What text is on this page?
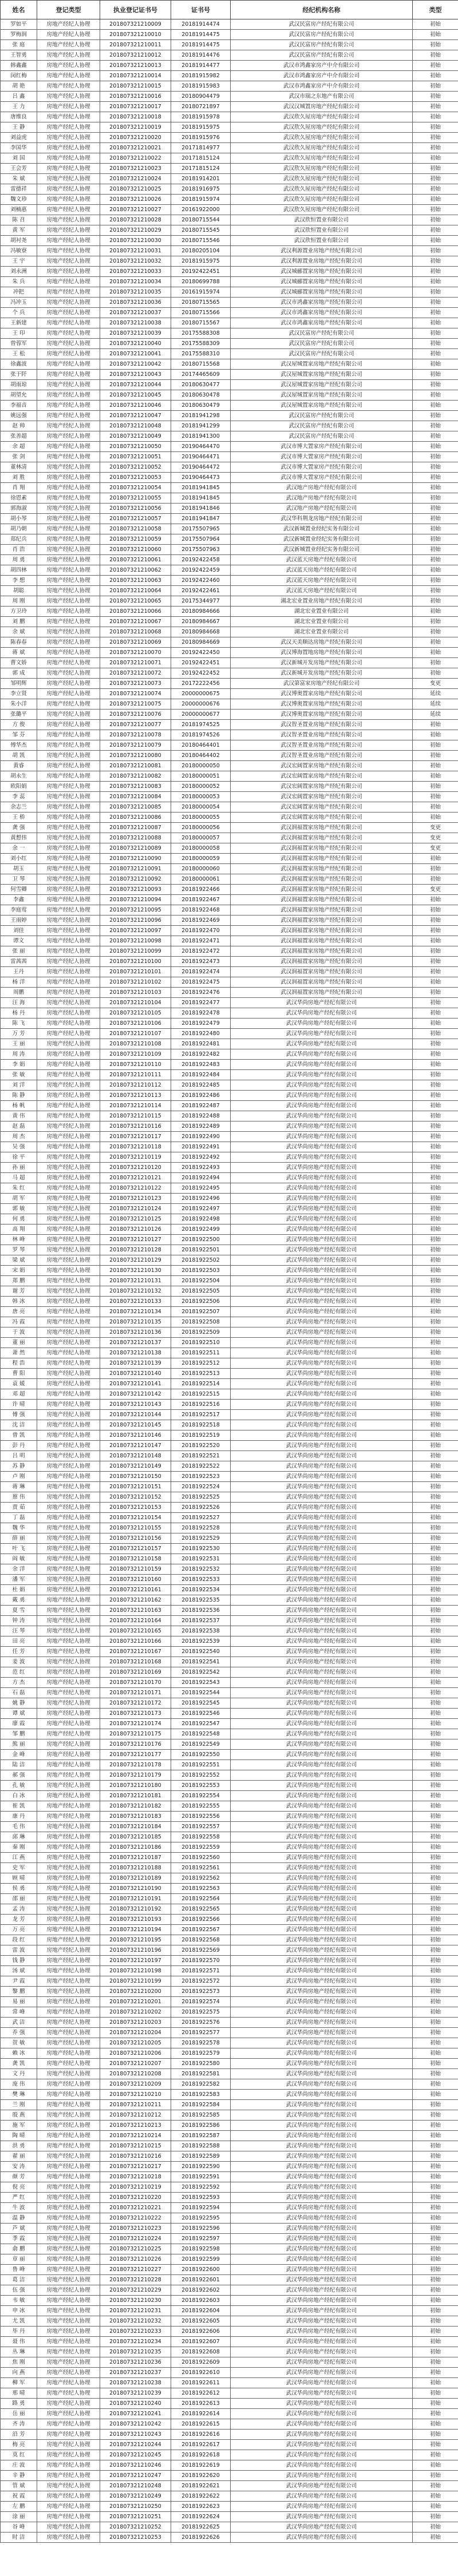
姓名	登记类型	执业登记证书号	证书号	经纪机构名称	类型
罗如平	房地产经纪人协理	201807321210009	20181914474	武汉民富房产经纪有限公司	初始
罗梅润	房地产经纪人协理	201807321210010	20181914475	武汉民富房产经纪有限公司	初始
张 庭	房地产经纪人协理	201807321210011	20181914475	武汉民富房产经纪有限公司	初始
王智勇	房地产经纪人协理	201807321210012	20181914476	武汉民富房产经纪有限公司	初始
韩鑫鑫	房地产经纪人协理	201807321210013	20181914477	武汉市鸿鑫家房产中介有限公司	初始
闵红梅	房地产经纪人协理	201807321210014	20181915982	武汉市鸿鑫家房产中介有限公司	初始
胡 艳	房地产经纪人协理	201807321210015	20181915983	武汉市鸿鑫家房产中介有限公司	初始
吕 鑫	房地产经纪人协理	201807321210016	20180904479	武汉市瑞之东地产有限公司	初始
王 力	房地产经纪人协理	201807321210017	20180721897	武汉汉城置房地产经纪有限公司	初始
唐维良	房地产经纪人协理	201807321210018	20181915978	武汉欣久屋房地产经纪有限公司	初始
王 静	房地产经纪人协理	201807321210019	20181915975	武汉欣久屋房地产经纪有限公司	初始
刘益虎	房地产经纪人协理	201807321210020	20181915976	武汉欣久屋房地产经纪有限公司	初始
李国华	房地产经纪人协理	201807321210021	20171814977	武汉欣久屋房地产经纪有限公司	初始
刘 国	房地产经纪人协理	201807321210022	20171815124	武汉欣久屋房地产经纪有限公司	初始
王会芳	房地产经纪人协理	201807321210023	20171815124	武汉欣久屋房地产经纪有限公司	初始
朱 斌	房地产经纪人协理	201807321210024	20181914201	武汉欣久屋房地产经纪有限公司	初始
雷德祥	房地产经纪人协理	201807321210025	20181916975	武汉欣久屋房地产经纪有限公司	初始
魏文珍	房地产经纪人协理	201807321210026	20181915974	武汉欣久屋房地产经纪有限公司	初始
刘楠惠	房地产经纪人协理	201807321210027	20161922000	武汉欣久屋房地产经纪有限公司	初始
陈 召	房地产经纪人协理	201807321210028	20180715544	武汉欣恒置业有限公司	初始
黄 军	房地产经纪人协理	201807321210029	20180715545	武汉欣恒置业有限公司	初始
胡衬尧	房地产经纪人协理	201807321210030	20180715546	武汉欣恒置业有限公司	初始
冯敏寮	房地产经纪人协理	201807321210031	20180205104	武汉利源置业房地产经纪有限公司	初始
王 宇	房地产经纪人协理	201807321210032	20181915975	武汉利源置业房地产经纪有限公司	初始
刘永洲	房地产经纪人协理	201807321210033	20192422451	武汉城郦置家房地产经纪有限公司	初始
朱 兵	房地产经纪人协理	201807321210034	20180699788	武汉城郦置家房地产经纪有限公司	初始
冲把	房地产经纪人协理	201807321210035	20161915974	武汉城郦置家房地产经纪有限公司	初始
冯冲玉	房地产经纪人协理	201807321210036	20180715565	武汉市鸿鑫家房地产经纪有限公司	初始
个 兵	房地产经纪人协理	201807321210037	20180715566	武汉市鸿鑫家房地产经纪有限公司	初始
王新建	房地产经纪人协理	201807321210038	20180715567	武汉市鸿鑫家房地产经纪有限公司	初始
王 印	房地产经纪人协理	201807321210039	20175588308	武汉民富房产经纪有限公司	初始
曾蓉军	房地产经纪人协理	201807321210040	20175588309	武汉民富房产经纪有限公司	初始
王 松	房地产经纪人协理	201807321210041	20175588310	武汉民富房产经纪有限公司	初始
徐鑫波	房地产经纪人协理	201807321210042	20180715568	武汉屋城置家房地产经纪有限公司	初始
张于阡	房地产经纪人协理	201807321210043	20174465609	武汉屋城置家房地产经纪有限公司	初始
胡雨琼	房地产经纪人协理	201807321210044	20180630477	武汉屋城置家房地产经纪有限公司	初始
胡望允	房地产经纪人协理	201807321210045	20180630478	武汉屋城置家房地产经纪有限公司	初始
李福音	房地产经纪人协理	201807321210046	20180630479	武汉屋城置家房地产经纪有限公司	初始
姚远强	房地产经纪人协理	201807321210047	20181941298	武汉民富房产经纪有限公司	初始
赵 帅	房地产经纪人协理	201807321210048	20181941299	武汉民富房产经纪有限公司	初始
张善超	房地产经纪人协理	201807321210049	20181941300	武汉民富房产经纪有限公司	初始
余 超	房地产经纪人协理	201807321210050	20190464470	武汉市博大置家房产经纪有限公司	初始
张 剑	房地产经纪人协理	201807321210051	20190464471	武汉市博大置家房产经纪有限公司	初始
董林清	房地产经纪人协理	201807321210052	20190464472	武汉市博大置家房产经纪有限公司	初始
刘 胜	房地产经纪人协理	201807321210053	20190464473	武汉市博大置家房产经纪有限公司	初始
肖 翔	房地产经纪人协理	201807321210054	20181941845	武汉地产房地产经纪有限公司	初始
徐恩素	房地产经纪人协理	201807321210055	20181941845	武汉地产房地产经纪有限公司	初始
郭海淑	房地产经纪人协理	201807321210056	20181941846	武汉地产房地产经纪有限公司	初始
胡小琴	房地产经纪人协理	201807321210057	20181941847	武汉华科荆龙房地产经纪有限公司	初始
胡乃朝	房地产经纪人协理	201807321210058	20175507965	武汉新城置业经纪实务有限公司	初始
郑纪兵	房地产经纪人协理	201807321210059	20175507964	武汉新城置业经纪实务有限公司	初始
肖 浩	房地产经纪人协理	201807321210060	20175507963	武汉新城置业经纪实务有限公司	初始
周 勇	房地产经纪人协理	201807321210061	20192422458	武汉蓝天房地产经纪有限公司	初始
胡四林	房地产经纪人协理	201807321210062	20192422459	武汉蓝天房地产经纪有限公司	初始
李 想	房地产经纪人协理	201807321210063	20192422460	武汉蓝天房地产经纪有限公司	初始
胡聪	房地产经纪人协理	201807321210064	20192422461	武汉蓝天房地产经纪有限公司	初始
周 刚	房地产经纪人协理	201807321210065	20175344977	湖北宏业置业房地产经纪有限公司	初始
方卫玲	房地产经纪人协理	201807321210066	20180984666	湖北宏业置业有限公司	初始
刘 鹏	房地产经纪人协理	201807321210067	20180984667	湖北宏业置业有限公司	初始
余 斌	房地产经纪人协理	201807321210068	20180984668	湖北宏业置业有限公司	初始
陈春春	房地产经纪人协理	201807321210069	20180984669	武汉天美顺达房地产经纪有限公司	初始
蒋 斌	房地产经纪人协理	201807321210070	20192422450	武汉博海置地房地产经纪有限公司	初始
曹文娇	房地产经纪人协理	201807321210071	20192422451	武汉新城开发房地产经纪有限公司	初始
郭 成	房地产经纪人协理	201807321210072	20192422452	武汉新城开发房地产经纪有限公司	初始
邹明辉	房地产经纪人协理	201807321210073	20172222456	武汉第富家房地产经纪有限公司	变更
李立贤	房地产经纪人协理	201807321210074	20000000675	武汉博奥置家房地产经纪有限公司	延续
朱小洋	房地产经纪人协理	201807321210075	20000000676	武汉博奥置家房地产经纪有限公司	延续
张璐平	房地产经纪人协理	201807321210076	20000000677	武汉博奥置家房地产经纪有限公司	延续
方 俊	房地产经纪人协理	201807321210077	20181974525	武汉智圣置业房地产经纪有限公司	初始
邹 芬	房地产经纪人协理	201807321210078	20181974526	武汉智圣置业房地产经纪有限公司	初始
傅华杰	房地产经纪人协理	201807321210079	20180464401	武汉智圣置业房地产经纪有限公司	初始
胡 凯	房地产经纪人协理	201807321210080	20180464402	武汉智圣置业房地产经纪有限公司	初始
黄睿	房地产经纪人协理	201807321210081	20180000050	武汉宏阔置家房地产经纪有限公司	初始
胡永生	房地产经纪人协理	201807321210082	20180000051	武汉宏阔置家房地产经纪有限公司	初始
欧阳娟	房地产经纪人协理	201807321210083	20180000052	武汉宏阔置家房地产经纪有限公司	初始
李 蕊	房地产经纪人协理	201807321210084	20180000053	武汉宏阔置家房地产经纪有限公司	初始
余志兰	房地产经纪人协理	201807321210085	20180000054	武汉宏阔置家房地产经纪有限公司	初始
王 桥	房地产经纪人协理	201807321210086	20180000055	武汉宏阔置家房地产经纪有限公司	初始
龚 强	房地产经纪人协理	201807321210087	20180000056	武汉润福置家房地产经纪有限公司	变更
黄想伟	房地产经纪人协理	201807321210088	20180000057	武汉润福置家房地产经纪有限公司	变更
余 一	房地产经纪人协理	201807321210089	20180000058	武汉润福置家房地产经纪有限公司	变更
刘小红	房地产经纪人协理	201807321210090	20180000059	武汉润福置家房地产经纪有限公司	初始
胡玉	房地产经纪人协理	201807321210091	20180000060	武汉润福置家房地产经纪有限公司	初始
卫 琴	房地产经纪人协理	201807321210092	20180000061	武汉润福置家房地产经纪有限公司	初始
何雪卿	房地产经纪人协理	201807321210093	20181922466	武汉润福置家房地产经纪有限公司	变更
李鑫	房地产经纪人协理	201807321210094	20181922467	武汉润福置家房地产经纪有限公司	初始
李庭莺	房地产经纪人协理	201807321210095	20181922468	武汉润福置家房地产经纪有限公司	初始
王雨婷	房地产经纪人协理	201807321210096	20181922469	武汉润福置家房地产经纪有限公司	初始
刘佳	房地产经纪人协理	201807321210097	20181922470	武汉润福置家房地产经纪有限公司	初始
谭文	房地产经纪人协理	201807321210098	20181922471	武汉润福置家房地产经纪有限公司	初始
张 丽	房地产经纪人协理	201807321210099	20181922472	武汉润福置家房地产经纪有限公司	初始
雷茜茜	房地产经纪人协理	201807321210100	20181922473	武汉润福置家房地产经纪有限公司	初始
王丹	房地产经纪人协理	201807321210101	20181922474	武汉润福置家房地产经纪有限公司	初始
杨 洋	房地产经纪人协理	201807321210102	20181922475	武汉润福置家房地产经纪有限公司	初始
周鹏	房地产经纪人协理	201807321210103	20181922476	武汉润福置家房地产经纪有限公司	初始
汪 海	房地产经纪人协理	201807321210104	20181922477	武汉华尚房地产经纪有限公司	初始
杨 丹	房地产经纪人协理	201807321210105	20181922478	武汉华尚房地产经纪有限公司	初始
陈 飞	房地产经纪人协理	201807321210106	20181922479	武汉华尚房地产经纪有限公司	初始
万 芳	房地产经纪人协理	201807321210107	20181922480	武汉华尚房地产经纪有限公司	初始
王 丽	房地产经纪人协理	201807321210108	20181922481	武汉华尚房地产经纪有限公司	初始
周 涛	房地产经纪人协理	201807321210109	20181922482	武汉华尚房地产经纪有限公司	初始
李 娟	房地产经纪人协理	201807321210110	20181922483	武汉华尚房地产经纪有限公司	初始
张 敏	房地产经纪人协理	201807321210111	20181922484	武汉华尚房地产经纪有限公司	初始
刘 洋	房地产经纪人协理	201807321210112	20181922485	武汉华尚房地产经纪有限公司	初始
陈 静	房地产经纪人协理	201807321210113	20181922486	武汉华尚房地产经纪有限公司	初始
杨 帆	房地产经纪人协理	201807321210114	20181922487	武汉华尚房地产经纪有限公司	初始
黄 伟	房地产经纪人协理	201807321210115	20181922488	武汉华尚房地产经纪有限公司	初始
赵 磊	房地产经纪人协理	201807321210116	20181922489	武汉华尚房地产经纪有限公司	初始
周 杰	房地产经纪人协理	201807321210117	20181922490	武汉华尚房地产经纪有限公司	初始
吴 强	房地产经纪人协理	201807321210118	20181922491	武汉华尚房地产经纪有限公司	初始
徐 平	房地产经纪人协理	201807321210119	20181922492	武汉华尚房地产经纪有限公司	初始
孙 丽	房地产经纪人协理	201807321210120	20181922493	武汉华尚房地产经纪有限公司	初始
马 超	房地产经纪人协理	201807321210121	20181922494	武汉华尚房地产经纪有限公司	初始
朱 红	房地产经纪人协理	201807321210122	20181922495	武汉华尚房地产经纪有限公司	初始
胡 军	房地产经纪人协理	201807321210123	20181922496	武汉华尚房地产经纪有限公司	初始
郭 敏	房地产经纪人协理	201807321210124	20181922497	武汉华尚房地产经纪有限公司	初始
何 勇	房地产经纪人协理	201807321210125	20181922498	武汉华尚房地产经纪有限公司	初始
高 翔	房地产经纪人协理	201807321210126	20181922499	武汉华尚房地产经纪有限公司	初始
林 峰	房地产经纪人协理	201807321210127	20181922500	武汉华尚房地产经纪有限公司	初始
罗 琴	房地产经纪人协理	201807321210128	20181922501	武汉华尚房地产经纪有限公司	初始
梁 斌	房地产经纪人协理	201807321210129	20181922502	武汉华尚房地产经纪有限公司	初始
宋 娟	房地产经纪人协理	201807321210130	20181922503	武汉华尚房地产经纪有限公司	初始
郑 鹏	房地产经纪人协理	201807321210131	20181922504	武汉华尚房地产经纪有限公司	初始
谢 芳	房地产经纪人协理	201807321210132	20181922505	武汉华尚房地产经纪有限公司	初始
韩 冰	房地产经纪人协理	201807321210133	20181922506	武汉华尚房地产经纪有限公司	初始
唐 亮	房地产经纪人协理	201807321210134	20181922507	武汉华尚房地产经纪有限公司	初始
冯 霞	房地产经纪人协理	201807321210135	20181922508	武汉华尚房地产经纪有限公司	初始
于 波	房地产经纪人协理	201807321210136	20181922509	武汉华尚房地产经纪有限公司	初始
董 丽	房地产经纪人协理	201807321210137	20181922510	武汉华尚房地产经纪有限公司	初始
萧 然	房地产经纪人协理	201807321210138	20181922511	武汉华尚房地产经纪有限公司	初始
程 浩	房地产经纪人协理	201807321210139	20181922512	武汉华尚房地产经纪有限公司	初始
曹 阳	房地产经纪人协理	201807321210140	20181922513	武汉华尚房地产经纪有限公司	初始
袁 媛	房地产经纪人协理	201807321210141	20181922514	武汉华尚房地产经纪有限公司	初始
邓 超	房地产经纪人协理	201807321210142	20181922515	武汉华尚房地产经纪有限公司	初始
许 晴	房地产经纪人协理	201807321210143	20181922516	武汉华尚房地产经纪有限公司	初始
傅 强	房地产经纪人协理	201807321210144	20181922517	武汉华尚房地产经纪有限公司	初始
沈 洁	房地产经纪人协理	201807321210145	20181922518	武汉华尚房地产经纪有限公司	初始
曾 凯	房地产经纪人协理	201807321210146	20181922519	武汉华尚房地产经纪有限公司	初始
彭 丹	房地产经纪人协理	201807321210147	20181922520	武汉华尚房地产经纪有限公司	初始
吕 明	房地产经纪人协理	201807321210148	20181922521	武汉华尚房地产经纪有限公司	初始
苏 静	房地产经纪人协理	201807321210149	20181922522	武汉华尚房地产经纪有限公司	初始
卢 刚	房地产经纪人协理	201807321210150	20181922523	武汉华尚房地产经纪有限公司	初始
蒋 琳	房地产经纪人协理	201807321210151	20181922524	武汉华尚房地产经纪有限公司	初始
蔡 伟	房地产经纪人协理	201807321210152	20181922525	武汉华尚房地产经纪有限公司	初始
贾 茹	房地产经纪人协理	201807321210153	20181922526	武汉华尚房地产经纪有限公司	初始
丁 磊	房地产经纪人协理	201807321210154	20181922527	武汉华尚房地产经纪有限公司	初始
魏 华	房地产经纪人协理	201807321210155	20181922528	武汉华尚房地产经纪有限公司	初始
薛 丽	房地产经纪人协理	201807321210156	20181922529	武汉华尚房地产经纪有限公司	初始
叶 飞	房地产经纪人协理	201807321210157	20181922530	武汉华尚房地产经纪有限公司	初始
阎 敏	房地产经纪人协理	201807321210158	20181922531	武汉华尚房地产经纪有限公司	初始
余 洋	房地产经纪人协理	201807321210159	20181922532	武汉华尚房地产经纪有限公司	初始
潘 军	房地产经纪人协理	201807321210160	20181922533	武汉华尚房地产经纪有限公司	初始
杜 娟	房地产经纪人协理	201807321210161	20181922534	武汉华尚房地产经纪有限公司	初始
戴 勇	房地产经纪人协理	201807321210162	20181922535	武汉华尚房地产经纪有限公司	初始
夏 雪	房地产经纪人协理	201807321210163	20181922536	武汉华尚房地产经纪有限公司	初始
钟 涛	房地产经纪人协理	201807321210164	20181922537	武汉华尚房地产经纪有限公司	初始
汪 琴	房地产经纪人协理	201807321210165	20181922538	武汉华尚房地产经纪有限公司	初始
田 亮	房地产经纪人协理	201807321210166	20181922539	武汉华尚房地产经纪有限公司	初始
任 芳	房地产经纪人协理	201807321210167	20181922540	武汉华尚房地产经纪有限公司	初始
姜 波	房地产经纪人协理	201807321210168	20181922541	武汉华尚房地产经纪有限公司	初始
范 红	房地产经纪人协理	201807321210169	20181922542	武汉华尚房地产经纪有限公司	初始
方 杰	房地产经纪人协理	201807321210170	20181922543	武汉华尚房地产经纪有限公司	初始
石 磊	房地产经纪人协理	201807321210171	20181922544	武汉华尚房地产经纪有限公司	初始
姚 静	房地产经纪人协理	201807321210172	20181922545	武汉华尚房地产经纪有限公司	初始
谭 斌	房地产经纪人协理	201807321210173	20181922546	武汉华尚房地产经纪有限公司	初始
廖 霞	房地产经纪人协理	201807321210174	20181922547	武汉华尚房地产经纪有限公司	初始
邹 鹏	房地产经纪人协理	201807321210175	20181922548	武汉华尚房地产经纪有限公司	初始
熊 丽	房地产经纪人协理	201807321210176	20181922549	武汉华尚房地产经纪有限公司	初始
金 峰	房地产经纪人协理	201807321210177	20181922550	武汉华尚房地产经纪有限公司	初始
陆 洁	房地产经纪人协理	201807321210178	20181922551	武汉华尚房地产经纪有限公司	初始
郝 强	房地产经纪人协理	201807321210179	20181922552	武汉华尚房地产经纪有限公司	初始
孔 敏	房地产经纪人协理	201807321210180	20181922553	武汉华尚房地产经纪有限公司	初始
白 冰	房地产经纪人协理	201807321210181	20181922554	武汉华尚房地产经纪有限公司	初始
崔 凯	房地产经纪人协理	201807321210182	20181922555	武汉华尚房地产经纪有限公司	初始
康 丹	房地产经纪人协理	201807321210183	20181922556	武汉华尚房地产经纪有限公司	初始
毛 伟	房地产经纪人协理	201807321210184	20181922557	武汉华尚房地产经纪有限公司	初始
邱 琳	房地产经纪人协理	201807321210185	20181922558	武汉华尚房地产经纪有限公司	初始
秦 刚	房地产经纪人协理	201807321210186	20181922559	武汉华尚房地产经纪有限公司	初始
江 燕	房地产经纪人协理	201807321210187	20181922560	武汉华尚房地产经纪有限公司	初始
史 军	房地产经纪人协理	201807321210188	20181922561	武汉华尚房地产经纪有限公司	初始
顾 晴	房地产经纪人协理	201807321210189	20181922562	武汉华尚房地产经纪有限公司	初始
侯 勇	房地产经纪人协理	201807321210190	20181922563	武汉华尚房地产经纪有限公司	初始
邵 丽	房地产经纪人协理	201807321210191	20181922564	武汉华尚房地产经纪有限公司	初始
孟 涛	房地产经纪人协理	201807321210192	20181922565	武汉华尚房地产经纪有限公司	初始
龙 芳	房地产经纪人协理	201807321210193	20181922566	武汉华尚房地产经纪有限公司	初始
万 亮	房地产经纪人协理	201807321210194	20181922567	武汉华尚房地产经纪有限公司	初始
段 红	房地产经纪人协理	201807321210195	20181922568	武汉华尚房地产经纪有限公司	初始
雷 波	房地产经纪人协理	201807321210196	20181922569	武汉华尚房地产经纪有限公司	初始
钱 静	房地产经纪人协理	201807321210197	20181922570	武汉华尚房地产经纪有限公司	初始
汤 斌	房地产经纪人协理	201807321210198	20181922571	武汉华尚房地产经纪有限公司	初始
尹 霞	房地产经纪人协理	201807321210199	20181922572	武汉华尚房地产经纪有限公司	初始
黎 鹏	房地产经纪人协理	201807321210200	20181922573	武汉华尚房地产经纪有限公司	初始
易 丽	房地产经纪人协理	201807321210201	20181922574	武汉华尚房地产经纪有限公司	初始
常 峰	房地产经纪人协理	201807321210202	20181922575	武汉华尚房地产经纪有限公司	初始
武 洁	房地产经纪人协理	201807321210203	20181922576	武汉华尚房地产经纪有限公司	初始
乔 强	房地产经纪人协理	201807321210204	20181922577	武汉华尚房地产经纪有限公司	初始
贺 敏	房地产经纪人协理	201807321210205	20181922578	武汉华尚房地产经纪有限公司	初始
赖 冰	房地产经纪人协理	201807321210206	20181922579	武汉华尚房地产经纪有限公司	初始
龚 凯	房地产经纪人协理	201807321210207	20181922580	武汉华尚房地产经纪有限公司	初始
文 丹	房地产经纪人协理	201807321210208	20181922581	武汉华尚房地产经纪有限公司	初始
庞 伟	房地产经纪人协理	201807321210209	20181922582	武汉华尚房地产经纪有限公司	初始
樊 琳	房地产经纪人协理	201807321210210	20181922583	武汉华尚房地产经纪有限公司	初始
兰 刚	房地产经纪人协理	201807321210211	20181922584	武汉华尚房地产经纪有限公司	初始
殷 燕	房地产经纪人协理	201807321210212	20181922585	武汉华尚房地产经纪有限公司	初始
施 军	房地产经纪人协理	201807321210213	20181922586	武汉华尚房地产经纪有限公司	初始
陶 晴	房地产经纪人协理	201807321210214	20181922587	武汉华尚房地产经纪有限公司	初始
洪 勇	房地产经纪人协理	201807321210215	20181922588	武汉华尚房地产经纪有限公司	初始
翟 丽	房地产经纪人协理	201807321210216	20181922589	武汉华尚房地产经纪有限公司	初始
安 涛	房地产经纪人协理	201807321210217	20181922590	武汉华尚房地产经纪有限公司	初始
颜 芳	房地产经纪人协理	201807321210218	20181922591	武汉华尚房地产经纪有限公司	初始
倪 亮	房地产经纪人协理	201807321210219	20181922592	武汉华尚房地产经纪有限公司	初始
严 红	房地产经纪人协理	201807321210220	20181922593	武汉华尚房地产经纪有限公司	初始
牛 波	房地产经纪人协理	201807321210221	20181922594	武汉华尚房地产经纪有限公司	初始
温 静	房地产经纪人协理	201807321210222	20181922595	武汉华尚房地产经纪有限公司	初始
芦 斌	房地产经纪人协理	201807321210223	20181922596	武汉华尚房地产经纪有限公司	初始
季 霞	房地产经纪人协理	201807321210224	20181922597	武汉华尚房地产经纪有限公司	初始
俞 鹏	房地产经纪人协理	201807321210225	20181922598	武汉华尚房地产经纪有限公司	初始
章 丽	房地产经纪人协理	201807321210226	20181922599	武汉华尚房地产经纪有限公司	初始
鲁 峰	房地产经纪人协理	201807321210227	20181922600	武汉华尚房地产经纪有限公司	初始
葛 洁	房地产经纪人协理	201807321210228	20181922601	武汉华尚房地产经纪有限公司	初始
伍 强	房地产经纪人协理	201807321210229	20181922602	武汉华尚房地产经纪有限公司	初始
韦 敏	房地产经纪人协理	201807321210230	20181922603	武汉华尚房地产经纪有限公司	初始
申 冰	房地产经纪人协理	201807321210231	20181922604	武汉华尚房地产经纪有限公司	初始
尤 凯	房地产经纪人协理	201807321210232	20181922605	武汉华尚房地产经纪有限公司	初始
毕 丹	房地产经纪人协理	201807321210233	20181922606	武汉华尚房地产经纪有限公司	初始
聂 伟	房地产经纪人协理	201807321210234	20181922607	武汉华尚房地产经纪有限公司	初始
丛 琳	房地产经纪人协理	201807321210235	20181922608	武汉华尚房地产经纪有限公司	初始
焦 刚	房地产经纪人协理	201807321210236	20181922609	武汉华尚房地产经纪有限公司	初始
向 燕	房地产经纪人协理	201807321210237	20181922610	武汉华尚房地产经纪有限公司	初始
柳 军	房地产经纪人协理	201807321210238	20181922611	武汉华尚房地产经纪有限公司	初始
邢 晴	房地产经纪人协理	201807321210239	20181922612	武汉华尚房地产经纪有限公司	初始
路 勇	房地产经纪人协理	201807321210240	20181922613	武汉华尚房地产经纪有限公司	初始
岳 丽	房地产经纪人协理	201807321210241	20181922614	武汉华尚房地产经纪有限公司	初始
齐 涛	房地产经纪人协理	201807321210242	20181922615	武汉华尚房地产经纪有限公司	初始
沿 芳	房地产经纪人协理	201807321210243	20181922616	武汉华尚房地产经纪有限公司	初始
梅 亮	房地产经纪人协理	201807321210244	20181922617	武汉华尚房地产经纪有限公司	初始
莫 红	房地产经纪人协理	201807321210245	20181922618	武汉华尚房地产经纪有限公司	初始
庄 波	房地产经纪人协理	201807321210246	20181922619	武汉华尚房地产经纪有限公司	初始
辛 静	房地产经纪人协理	201807321210247	20181922620	武汉华尚房地产经纪有限公司	初始
管 斌	房地产经纪人协理	201807321210248	20181922621	武汉华尚房地产经纪有限公司	初始
祝 霞	房地产经纪人协理	201807321210249	20181922622	武汉华尚房地产经纪有限公司	初始
左 鹏	房地产经纪人协理	201807321210250	20181922623	武汉华尚房地产经纪有限公司	初始
涂 丽	房地产经纪人协理	201807321210251	20181922624	武汉华尚房地产经纪有限公司	初始
谷 峰	房地产经纪人协理	201807321210252	20181922625	武汉华尚房地产经纪有限公司	初始
时 洁	房地产经纪人协理	201807321210253	20181922626	武汉华尚房地产经纪有限公司	初始
